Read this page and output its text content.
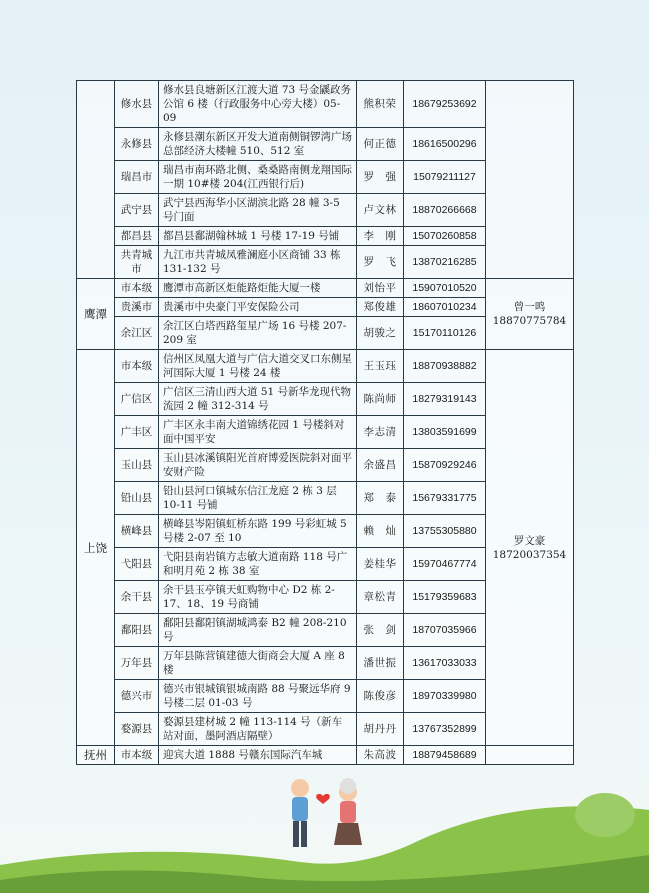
	修水县	修水县良塘新区江渡大道 73 号金鼷政务公馆 6 楼（行政服务中心旁大楼）05-09	熊积荣	18679253692	

	永修县	永修县潮东新区开发大道南侧铜锣湾广场总部经济大楼幢 510、512 室	何正德	18616500296	
	瑞昌市	瑞昌市南环路北侧、桑桑路南侧龙翔国际一期 10#楼 204(江西银行后)	罗　强	15079211127	
	武宁县	武宁县西海华小区湖滨北路 28 幢 3-5 号门面	卢文林	18870266668	
	都昌县	都昌县鄱湖翰林城 1 号楼 17-19 号铺	李　刚	15070260858	
	共青城市	九江市共青城凤雅澜庭小区商铺 33 栋 131-132 号	罗　飞	13870216285	
鹰潭	市本级	鹰潭市高新区炬能路炬能大厦一楼	刘怡平	15907010520	曾一鸣
18870775784

	贵溪市	贵溪市中央豪门平安保险公司	郑俊雄	18607010234	
	余江区	余江区白塔西路玺星广场 16 号楼 207-209 室	胡骏之	15170110126	
上饶	市本级	信州区凤凰大道与广信大道交叉口东侧星河国际大厦 1 号楼 24 楼	王玉珏	18870938882	罗文豪
18720037354

	广信区	广信区三清山西大道 51 号新华龙现代物流园 2 幢 312-314 号	陈尚师	18279319143	
	广丰区	广丰区永丰南大道锦绣花园 1 号楼斜对面中国平安	李志清	13803591699	
	玉山县	玉山县冰溪镇阳光首府博爱医院斜对面平安财产险	余盛昌	15870929246	
	铅山县	铅山县河口镇城东信江龙庭 2 栋 3 层 10-11 号铺	郑　泰	15679331775	
	横峰县	横峰县岑阳镇虹桥东路 199 号彩虹城 5 号楼 2-07 至 10	赖　灿	13755305880	
	弋阳县	弋阳县南岩镇方志敏大道南路 118 号广和明月苑 2 栋 38 室	姜桂华	15970467774	
	余干县	余干县玉亭镇天虹购物中心 D2 栋 2-17、18、19 号商铺	章松青	15179359683	
	鄱阳县	鄱阳县鄱阳镇湖城鸿泰 B2 幢 208-210 号	张　剑	18707035966	
	万年县	万年县陈营镇建德大街商会大厦 A 座 8 楼	潘世振	13617033033	
	德兴市	德兴市银城镇银城南路 88 号聚远华府 9 号楼二层 01-03 号	陈俊彦	18970339980	
	婺源县	婺源县建材城 2 幢 113-114 号（新车站对面，墨阿酒店隔壁）	胡丹丹	13767352899	
抚州	市本级	迎宾大道 1888 号赣东国际汽车城	朱高波	18879458689	
